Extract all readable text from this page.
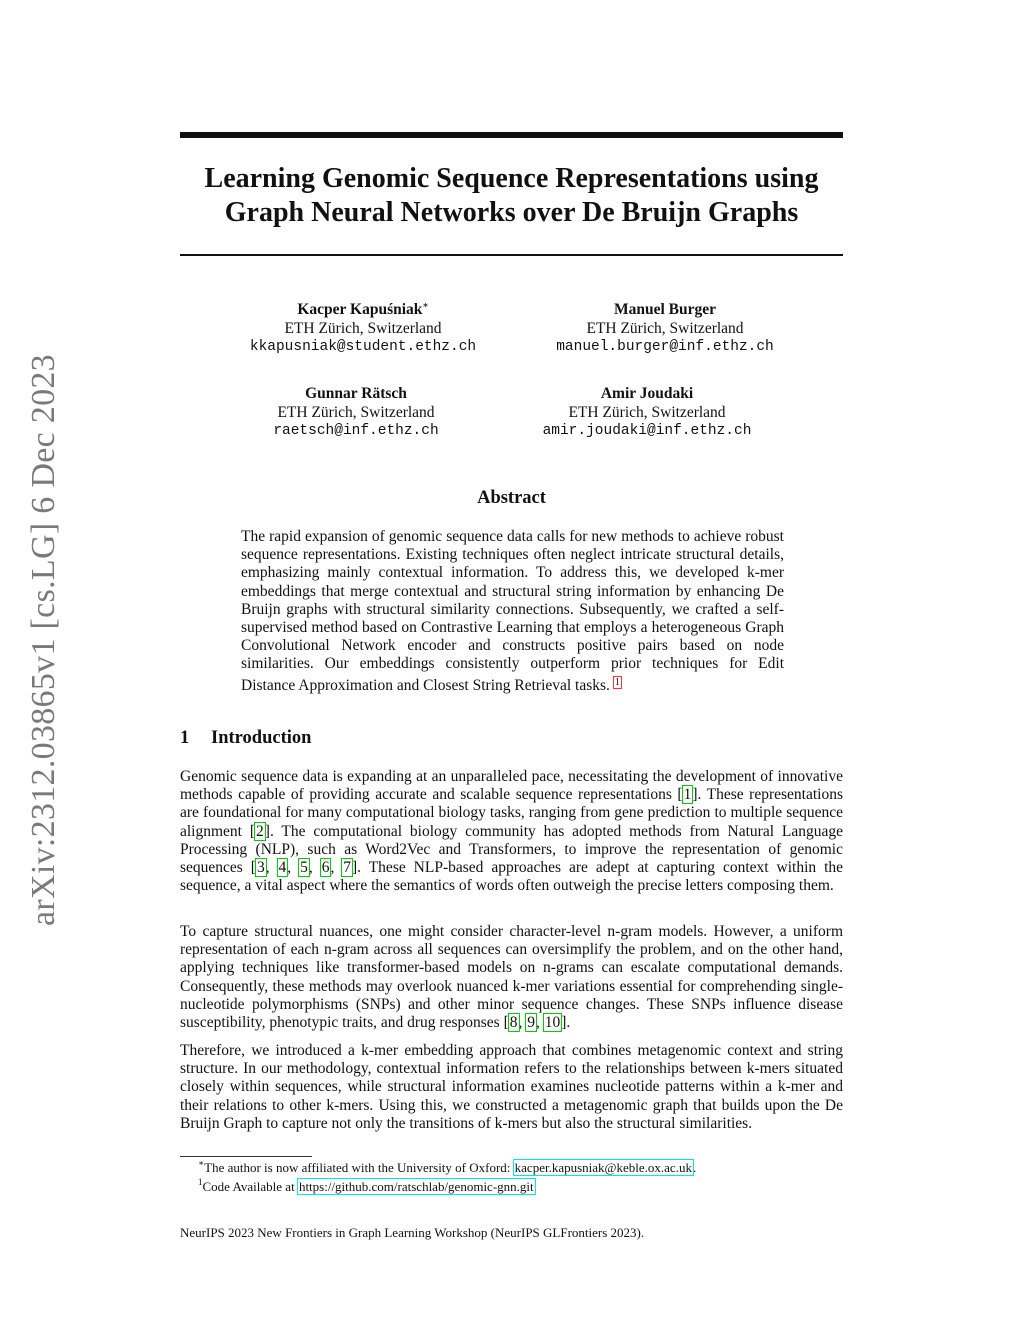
arXiv:2312.03865v1 [cs.LG] 6 Dec 2023
Learning Genomic Sequence Representations using Graph Neural Networks over De Bruijn Graphs
Kacper Kapuśniak∗
ETH Zürich, Switzerland
kkapusniak@student.ethz.ch
Manuel Burger
ETH Zürich, Switzerland
manuel.burger@inf.ethz.ch
Gunnar Rätsch
ETH Zürich, Switzerland
raetsch@inf.ethz.ch
Amir Joudaki
ETH Zürich, Switzerland
amir.joudaki@inf.ethz.ch
Abstract

The rapid expansion of genomic sequence data calls for new methods to achieve robust sequence representations. Existing techniques often neglect intricate structural details, emphasizing mainly contextual information. To address this, we developed k-mer embeddings that merge contextual and structural string information by enhancing De Bruijn graphs with structural similarity connections. Subsequently, we crafted a self-supervised method based on Contrastive Learning that employs a heterogeneous Graph Convolutional Network encoder and constructs positive pairs based on node similarities. Our embeddings consistently outperform prior techniques for Edit Distance Approximation and Closest String Retrieval tasks. $^1$

1 Introduction

Genomic sequence data is expanding at an unparalleled pace, necessitating the development of innovative methods capable of providing accurate and scalable sequence representations [1]. These representations are foundational for many computational biology tasks, ranging from gene prediction to multiple sequence alignment [2]. The computational biology community has adopted methods from Natural Language Processing (NLP), such as Word2Vec and Transformers, to improve the representation of genomic sequences [3, 4, 5, 6, 7]. These NLP-based approaches are adept at capturing context within the sequence, a vital aspect where the semantics of words often outweigh the precise letters composing them.

To capture structural nuances, one might consider character-level n-gram models. However, a uniform representation of each n-gram across all sequences can oversimplify the problem, and on the other hand, applying techniques like transformer-based models on n-grams can escalate computational demands. Consequently, these methods may overlook nuanced k-mer variations essential for comprehending single-nucleotide polymorphisms (SNPs) and other minor sequence changes. These SNPs influence disease susceptibility, phenotypic traits, and drug responses [8, 9, 10].

Therefore, we introduced a k-mer embedding approach that combines metagenomic context and string structure. In our methodology, contextual information refers to the relationships between k-mers situated closely within sequences, while structural information examines nucleotide patterns within a k-mer and their relations to other k-mers. Using this, we constructed a metagenomic graph that builds upon the De Bruijn Graph to capture not only the transitions of k-mers but also the structural similarities.

∗The author is now affiliated with the University of Oxford: kacper.kapusniak@keble.ox.ac.uk.
$^1$Code Available at https://github.com/ratschlab/genomic-gnn.git
NeurIPS 2023 New Frontiers in Graph Learning Workshop (NeurIPS GLFrontiers 2023).
